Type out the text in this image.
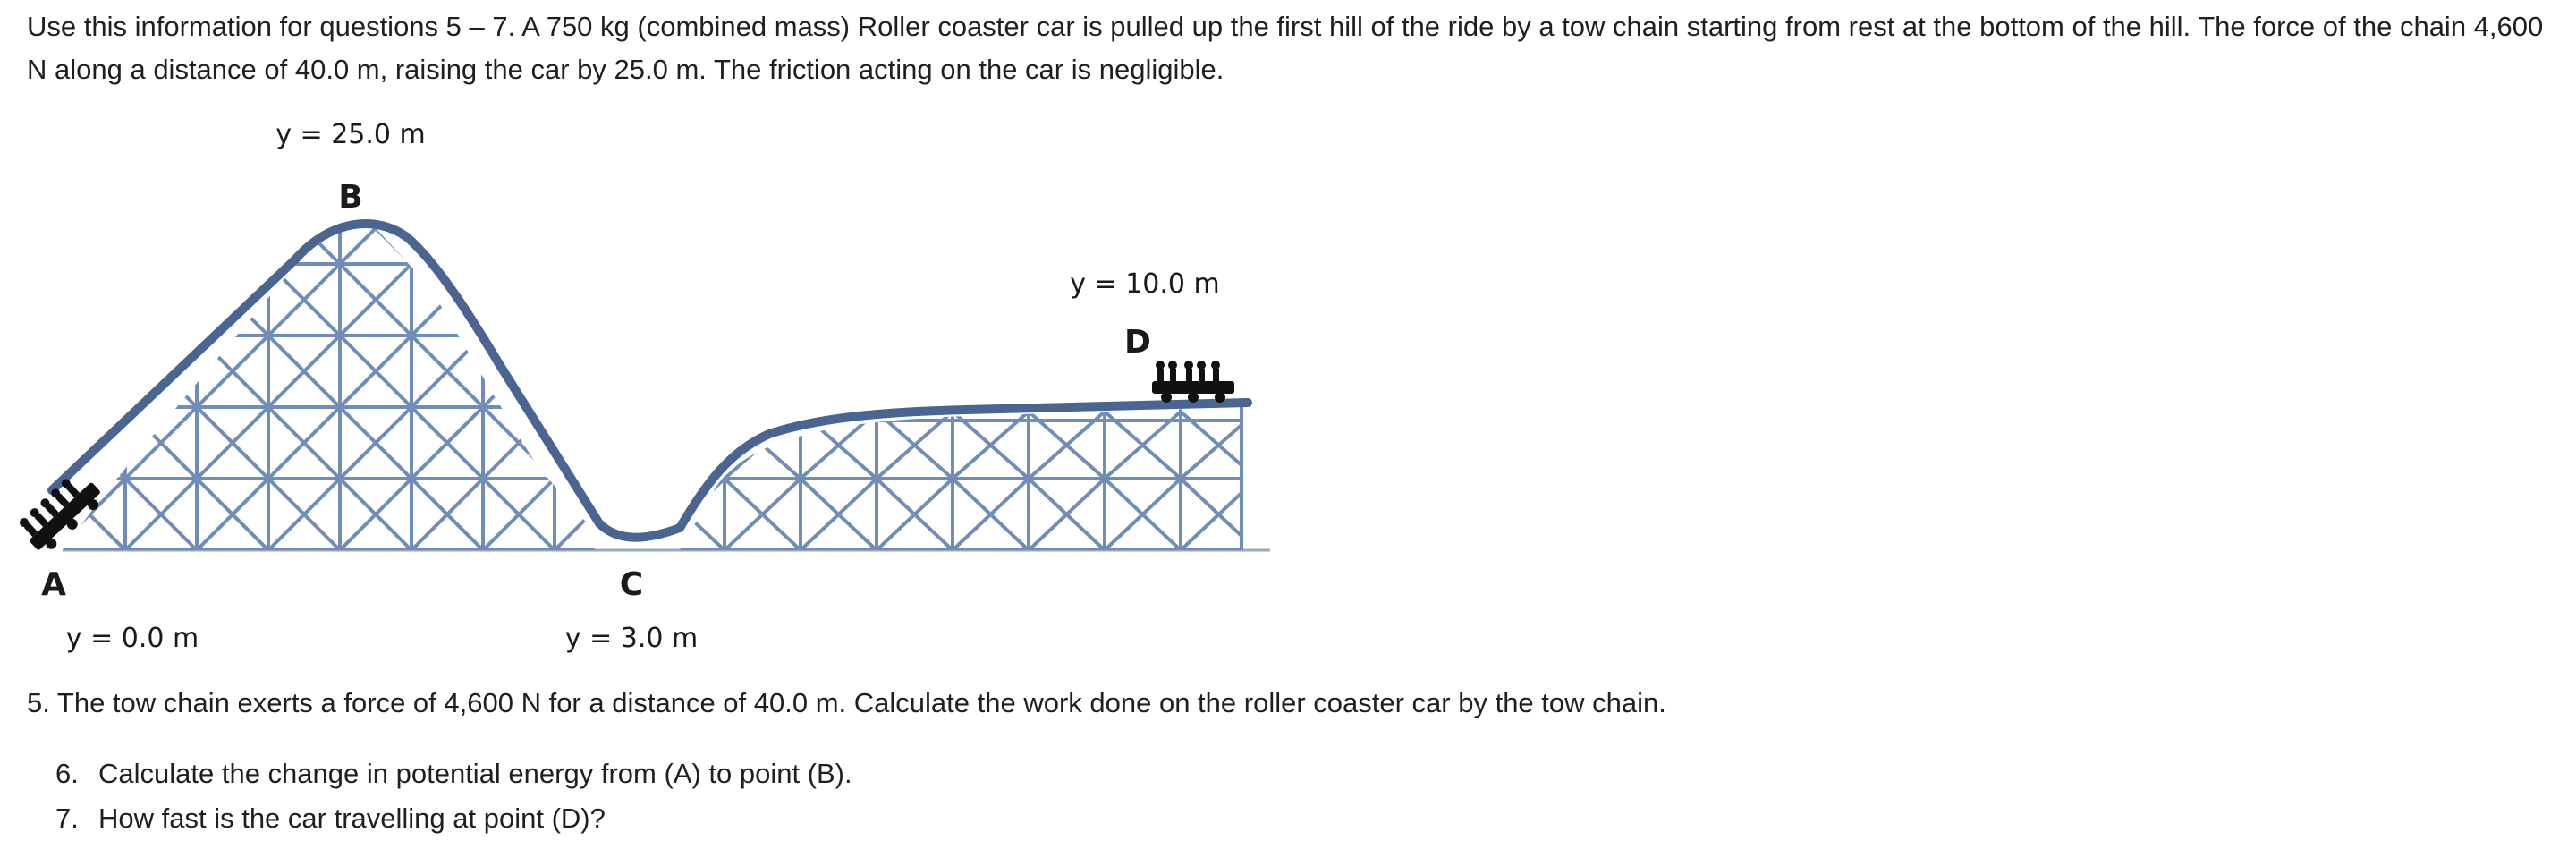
Use this information for questions 5 – 7. A 750 kg (combined mass) Roller coaster car is pulled up the first hill of the ride by a tow chain starting from rest at the bottom of the hill. The force of the chain 4,600 N along a distance of 40.0 m, raising the car by 25.0 m. The friction acting on the car is negligible.

y = 25.0 m
B
y = 10.0 m
D
A
y = 0.0 m
C
y = 3.0 m

5. The tow chain exerts a force of 4,600 N for a distance of 40.0 m. Calculate the work done on the roller coaster car by the tow chain.

6. Calculate the change in potential energy from (A) to point (B).
7. How fast is the car travelling at point (D)?
